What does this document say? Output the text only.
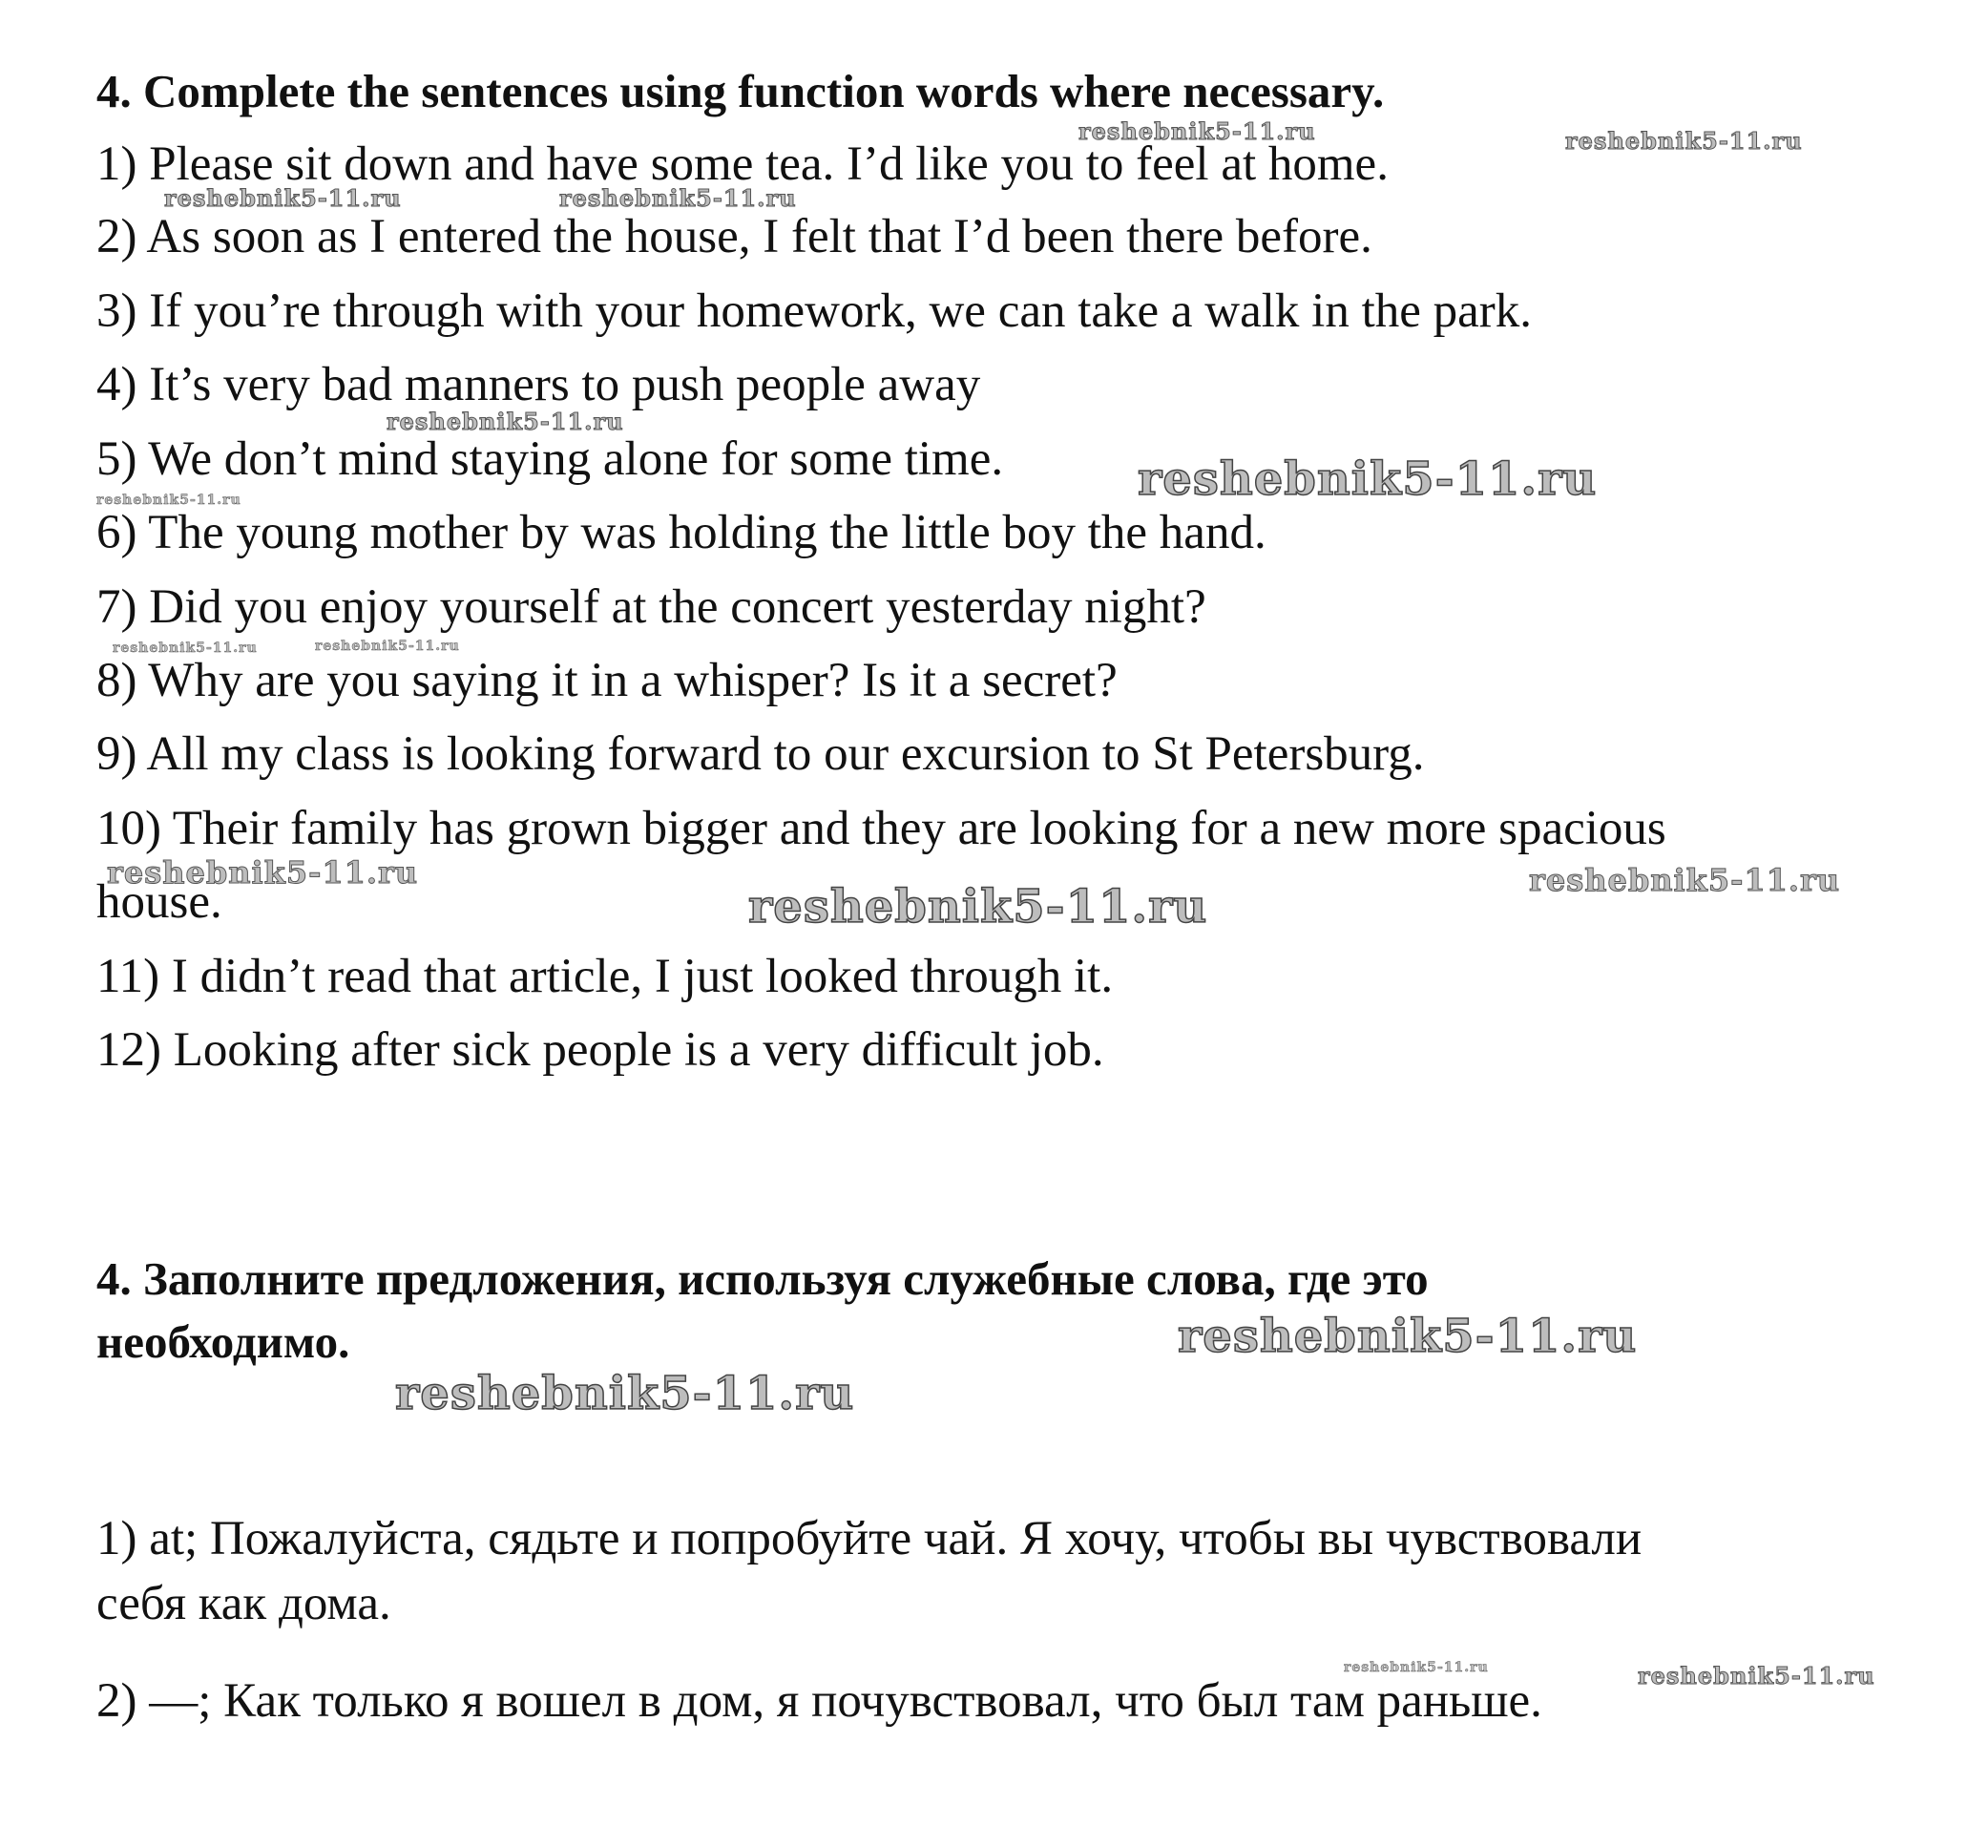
4. Complete the sentences using function words where necessary.
1) Please sit down and have some tea. I’d like you to feel at home.
2) As soon as I entered the house, I felt that I’d been there before.
3) If you’re through with your homework, we can take a walk in the park.
4) It’s very bad manners to push people away
5) We don’t mind staying alone for some time.
6) The young mother by was holding the little boy the hand.
7) Did you enjoy yourself at the concert yesterday night?
8) Why are you saying it in a whisper? Is it a secret?
9) All my class is looking forward to our excursion to St Petersburg.
10) Their family has grown bigger and they are looking for a new more spacious
house.
11) I didn’t read that article, I just looked through it.
12) Looking after sick people is a very difficult job.
4. Заполните предложения, используя служебные слова, где это
необходимо.
1) at; Пожалуйста, сядьте и попробуйте чай. Я хочу, чтобы вы чувствовали
себя как дома.
2) —; Как только я вошел в дом, я почувствовал, что был там раньше.
reshebnik5-11.ru	reshebnik5-11.ru
reshebnik5-11.ru	reshebnik5-11.ru
reshebnik5-11.ru
reshebnik5-11.ru
reshebnik5-11.ru
reshebnik5-11.ru	reshebnik5-11.ru
reshebnik5-11.ru	reshebnik5-11.ru
reshebnik5-11.ru
reshebnik5-11.ru
reshebnik5-11.ru
reshebnik5-11.ru	reshebnik5-11.ru
